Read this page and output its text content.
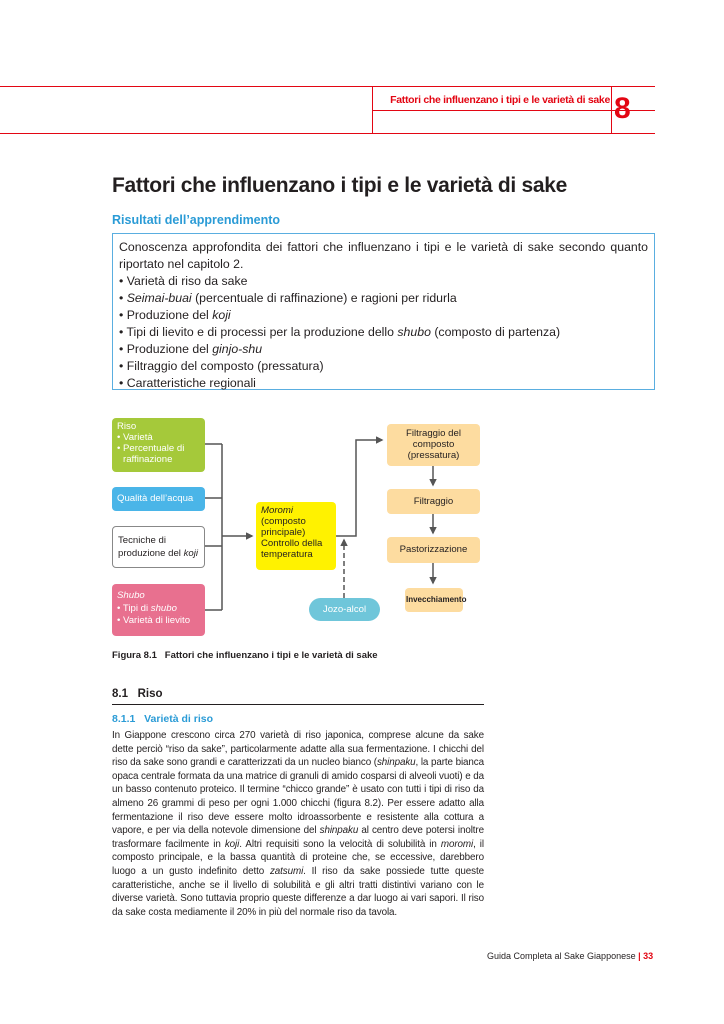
Fattori che influenzano i tipi e le varietà di sake 8
Fattori che influenzano i tipi e le varietà di sake
Risultati dell’apprendimento
Conoscenza approfondita dei fattori che influenzano i tipi e le varietà di sake secondo quanto riportato nel capitolo 2.
• Varietà di riso da sake
• Seimai-buai (percentuale di raffinazione) e ragioni per ridurla
• Produzione del koji
• Tipi di lievito e di processi per la produzione dello shubo (composto di partenza)
• Produzione del ginjo-shu
• Filtraggio del composto (pressatura)
• Caratteristiche regionali
Riso
• Varietà
• Percentuale di raffinazione
Qualità dell’acqua
Tecniche di produzione del koji
Shubo
• Tipi di shubo
• Varietà di lievito
Moromi
(composto principale) Controllo della temperatura
Jozo-alcol
Filtraggio del composto (pressatura)
Filtraggio
Pastorizzazione
Invecchiamento
Figura 8.1 Fattori che influenzano i tipi e le varietà di sake
8.1 Riso
8.1.1 Varietà di riso

In Giappone crescono circa 270 varietà di riso japonica, comprese alcune da sake dette perciò “riso da sake”, particolarmente adatte alla sua fermentazione. I chicchi del riso da sake sono grandi e caratterizzati da un nucleo bianco (shinpaku, la parte bianca opaca centrale formata da una matrice di granuli di amido cosparsi di alveoli vuoti) e da un basso contenuto proteico. Il termine “chicco grande” è usato con tutti i tipi di riso da almeno 26 grammi di peso per ogni 1.000 chicchi (figura 8.2). Per essere adatto alla fermentazione il riso deve essere molto idroassorbente e resistente alla cottura a vapore, e per via della notevole dimensione del shinpaku al centro deve potersi inoltre trasformare facilmente in koji. Altri requisiti sono la velocità di solubilità in moromi, il composto principale, e la bassa quantità di proteine che, se eccessive, darebbero luogo a un gusto indefinito detto zatsumi. Il riso da sake possiede tutte queste caratteristiche, anche se il livello di solubilità e gli altri tratti distintivi variano con le diverse varietà. Sono tuttavia proprio queste differenze a dar luogo ai vari sapori. Il riso da sake costa mediamente il 20% in più del normale riso da tavola.

Guida Completa al Sake Giapponese | 33
